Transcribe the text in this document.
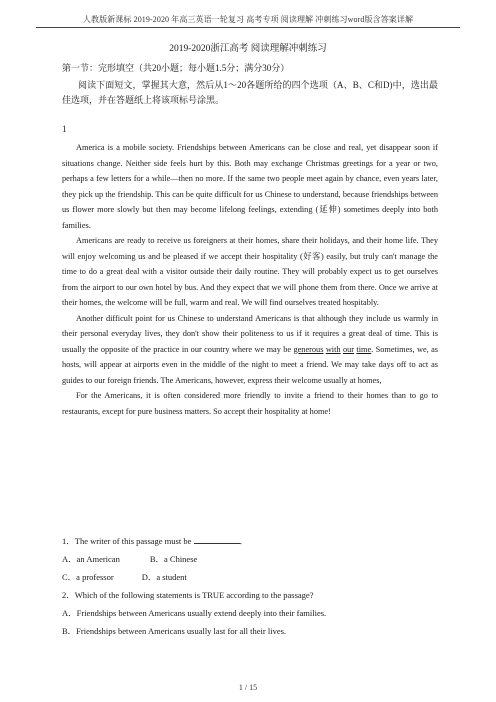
人教版新课标 2019-2020 年高三英语一轮复习 高考专项 阅读理解 冲刺练习word版含答案详解
2019-2020浙江高考 阅读理解冲刺练习
第一节：完形填空（共20小题；每小题1.5分；满分30分）
阅读下面短文，掌握其大意，然后从1～20各题所给的四个选项（A、B、C和D)中，选出最佳选项，并在答题纸上将该项标号涂黑。
1

America is a mobile society. Friendships between Americans can be close and real, yet disappear soon if situations change. Neither side feels hurt by this. Both may exchange Christmas greetings for a year or two, perhaps a few letters for a while—then no more. If the same two people meet again by chance, even years later, they pick up the friendship. This can be quite difficult for us Chinese to understand, because friendships between us flower more slowly but then may become lifelong feelings, extending (延伸) sometimes deeply into both families.

Americans are ready to receive us foreigners at their homes, share their holidays, and their home life. They will enjoy welcoming us and be pleased if we accept their hospitality (好客) easily, but truly can't manage the time to do a great deal with a visitor outside their daily routine. They will probably expect us to get ourselves from the airport to our own hotel by bus. And they expect that we will phone them from there. Once we arrive at their homes, the welcome will be full, warm and real. We will find ourselves treated hospitably.

Another difficult point for us Chinese to understand Americans is that although they include us warmly in their personal everyday lives, they don't show their politeness to us if it requires a great deal of time. This is usually the opposite of the practice in our country where we may be generous with our time. Sometimes, we, as hosts, will appear at airports even in the middle of the night to meet a friend. We may take days off to act as guides to our foreign friends. The Americans, however, express their welcome usually at homes,

For the Americans, it is often considered more friendly to invite a friend to their homes than to go to restaurants, except for pure business matters. So accept their hospitality at home!

1．The writer of this passage must be	．
A．an American	B．a Chinese
C．a professor	D．a student
2．Which of the following statements is TRUE according to the passage?
A．Friendships between Americans usually extend deeply into their families.
B．Friendships between Americans usually last for all their lives.
1 / 15
